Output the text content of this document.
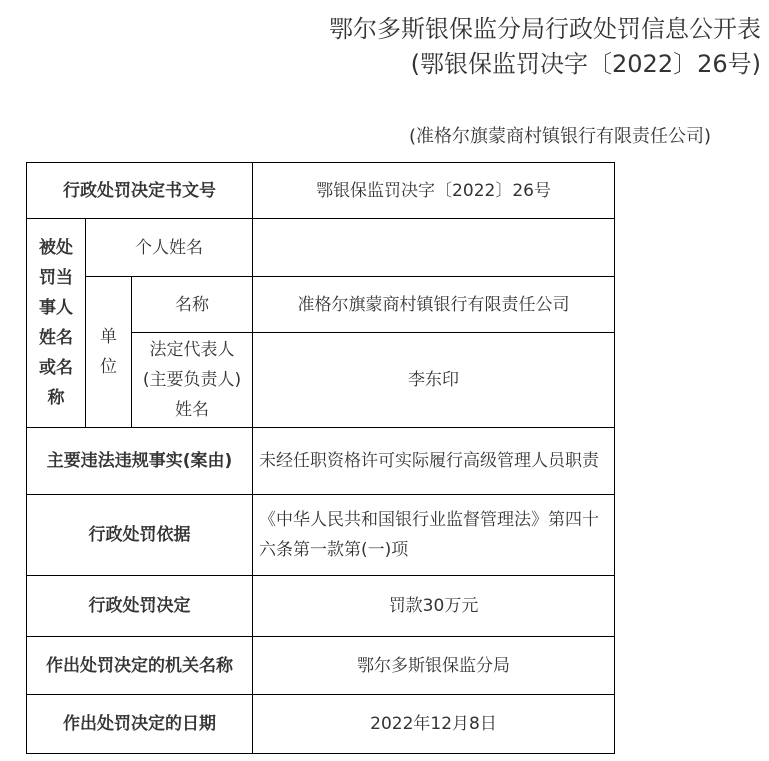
鄂尔多斯银保监分局行政处罚信息公开表
(鄂银保监罚决字〔2022〕26号)
(准格尔旗蒙商村镇银行有限责任公司)
行政处罚决定书文号			鄂银保监罚决字〔2022〕26号
被处罚当事人姓名或名称	个人姓名		
	单位	名称	准格尔旗蒙商村镇银行有限责任公司
		法定代表人(主要负责人)姓名	李东印
主要违法违规事实(案由)			未经任职资格许可实际履行高级管理人员职责
行政处罚依据			《中华人民共和国银行业监督管理法》第四十六条第一款第(一)项
行政处罚决定			罚款30万元
作出处罚决定的机关名称			鄂尔多斯银保监分局
作出处罚决定的日期			2022年12月8日
